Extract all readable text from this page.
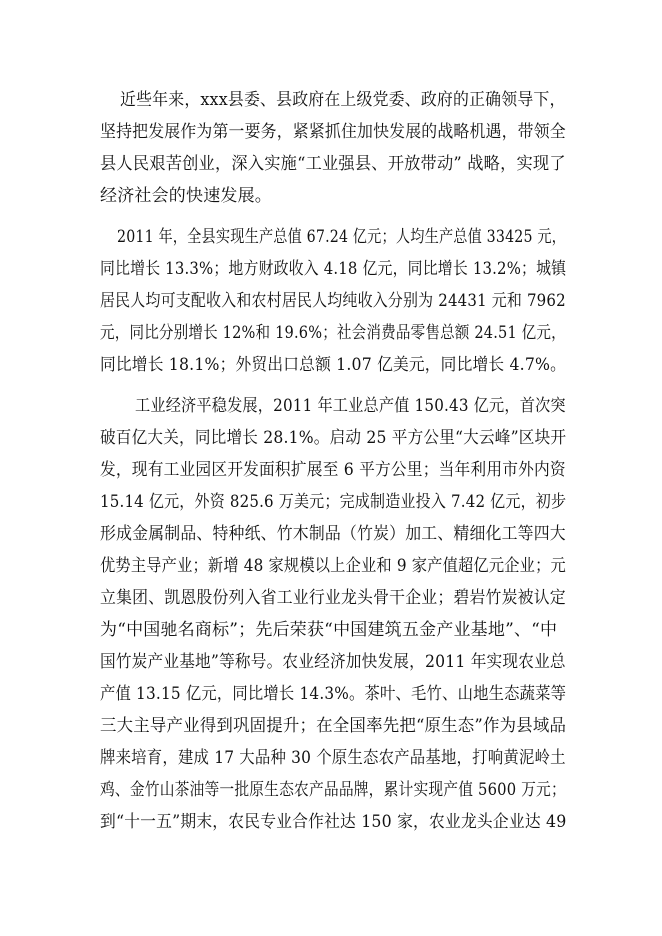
近些年来，xxx县委、县政府在上级党委、政府的正确领导下，
坚持把发展作为第一要务，紧紧抓住加快发展的战略机遇，带领全
县人民艰苦创业，深入实施“工业强县、开放带动” 战略，实现了
经济社会的快速发展。
2011 年，全县实现生产总值 67.24 亿元；人均生产总值 33425 元，
同比增长 13.3%；地方财政收入 4.18 亿元，同比增长 13.2%；城镇
居民人均可支配收入和农村居民人均纯收入分别为 24431 元和 7962
元，同比分别增长 12%和 19.6%；社会消费品零售总额 24.51 亿元，
同比增长 18.1%；外贸出口总额 1.07 亿美元，同比增长 4.7%。
工业经济平稳发展，2011 年工业总产值 150.43 亿元，首次突
破百亿大关，同比增长 28.1%。启动 25 平方公里“大云峰”区块开
发，现有工业园区开发面积扩展至 6 平方公里；当年利用市外内资
15.14 亿元，外资 825.6 万美元；完成制造业投入 7.42 亿元，初步
形成金属制品、特种纸、竹木制品（竹炭）加工、精细化工等四大
优势主导产业；新增 48 家规模以上企业和 9 家产值超亿元企业；元
立集团、凯恩股份列入省工业行业龙头骨干企业；碧岩竹炭被认定
为“中国驰名商标”；先后荣获“中国建筑五金产业基地”、“中
国竹炭产业基地”等称号。农业经济加快发展，2011 年实现农业总
产值 13.15 亿元，同比增长 14.3%。茶叶、毛竹、山地生态蔬菜等
三大主导产业得到巩固提升；在全国率先把“原生态”作为县域品
牌来培育，建成 17 大品种 30 个原生态农产品基地，打响黄泥岭土
鸡、金竹山茶油等一批原生态农产品品牌，累计实现产值 5600 万元；
到“十一五”期末，农民专业合作社达 150 家，农业龙头企业达 49
